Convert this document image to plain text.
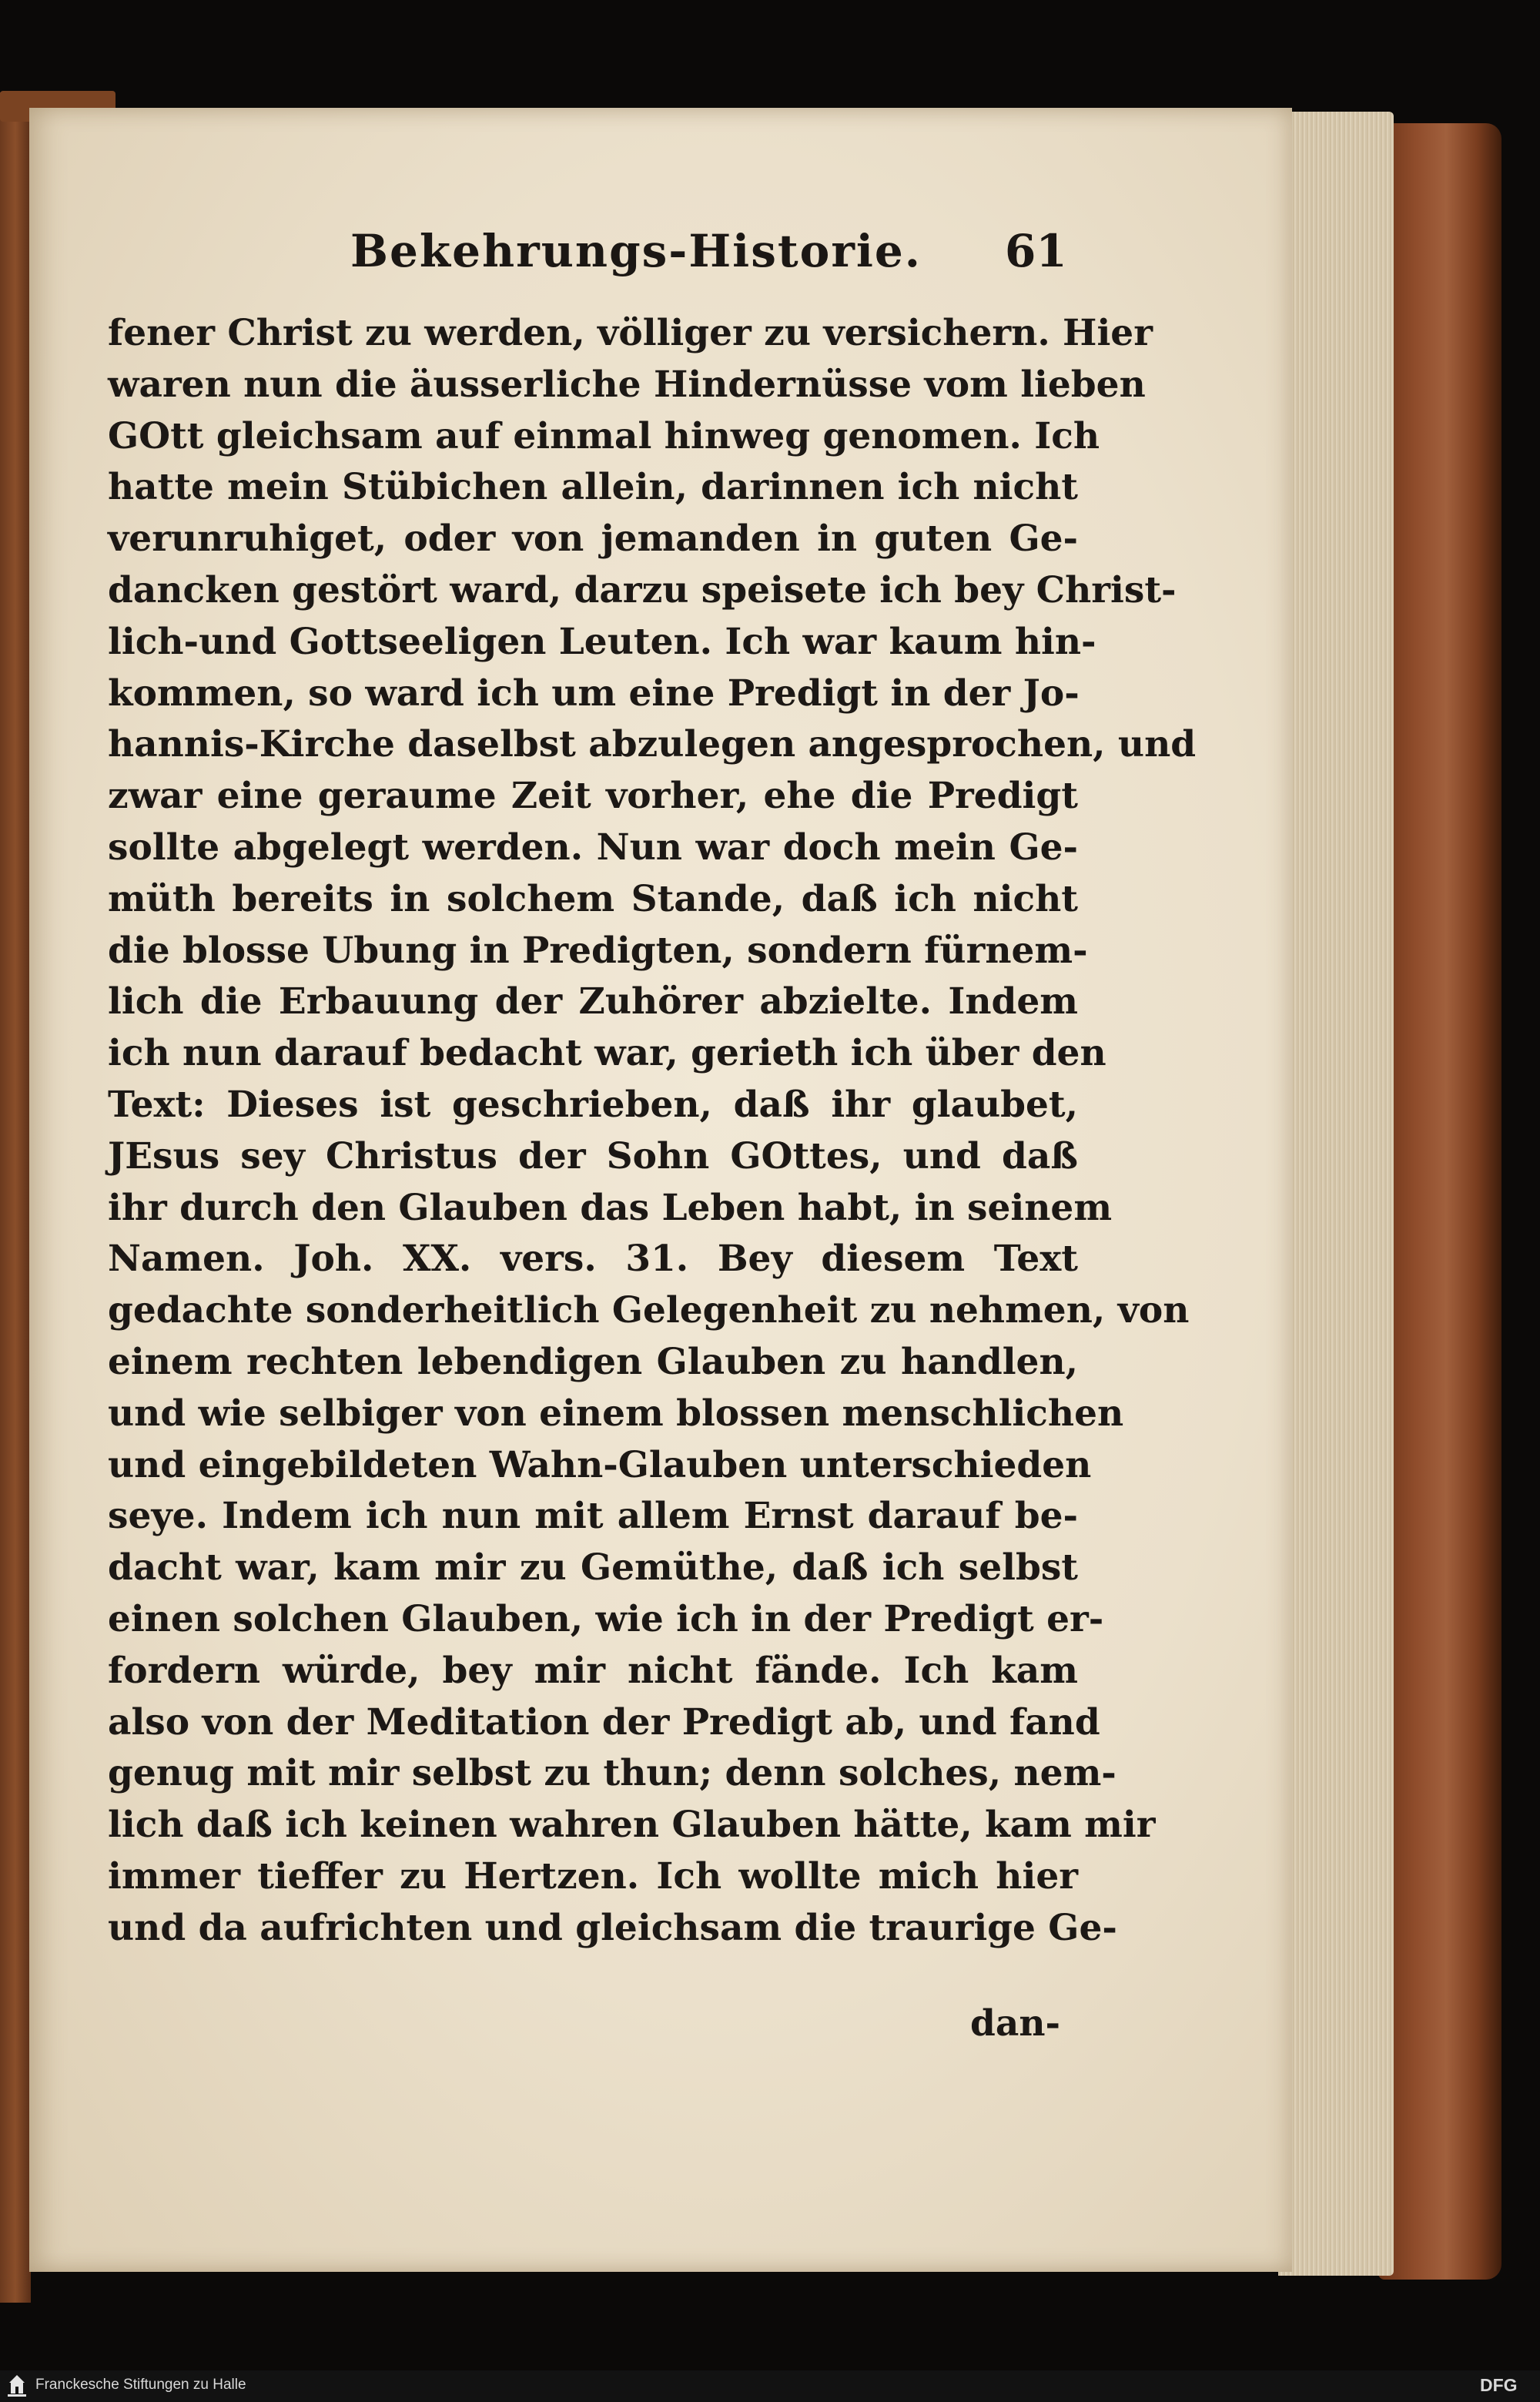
Bekehrungs-Historie. 61
fener Christ zu werden, völliger zu versichern. Hier
waren nun die äusserliche Hindernüsse vom lieben
GOtt gleichsam auf einmal hinweg genomen. Ich
hatte mein Stübichen allein, darinnen ich nicht
verunruhiget, oder von jemanden in guten Ge-
dancken gestört ward, darzu speisete ich bey Christ-
lich-und Gottseeligen Leuten. Ich war kaum hin-
kommen, so ward ich um eine Predigt in der Jo-
hannis-Kirche daselbst abzulegen angesprochen, und
zwar eine geraume Zeit vorher, ehe die Predigt
sollte abgelegt werden. Nun war doch mein Ge-
müth bereits in solchem Stande, daß ich nicht
die blosse Ubung in Predigten, sondern fürnem-
lich die Erbauung der Zuhörer abzielte. Indem
ich nun darauf bedacht war, gerieth ich über den
Text: Dieses ist geschrieben, daß ihr glaubet,
JEsus sey Christus der Sohn GOttes, und daß
ihr durch den Glauben das Leben habt, in seinem
Namen. Joh. XX. vers. 31. Bey diesem Text
gedachte sonderheitlich Gelegenheit zu nehmen, von
einem rechten lebendigen Glauben zu handlen,
und wie selbiger von einem blossen menschlichen
und eingebildeten Wahn-Glauben unterschieden
seye. Indem ich nun mit allem Ernst darauf be-
dacht war, kam mir zu Gemüthe, daß ich selbst
einen solchen Glauben, wie ich in der Predigt er-
fordern würde, bey mir nicht fände. Ich kam
also von der Meditation der Predigt ab, und fand
genug mit mir selbst zu thun; denn solches, nem-
lich daß ich keinen wahren Glauben hätte, kam mir
immer tieffer zu Hertzen. Ich wollte mich hier
und da aufrichten und gleichsam die traurige Ge-
dan-
Franckesche Stiftungen zu Halle	DFG
